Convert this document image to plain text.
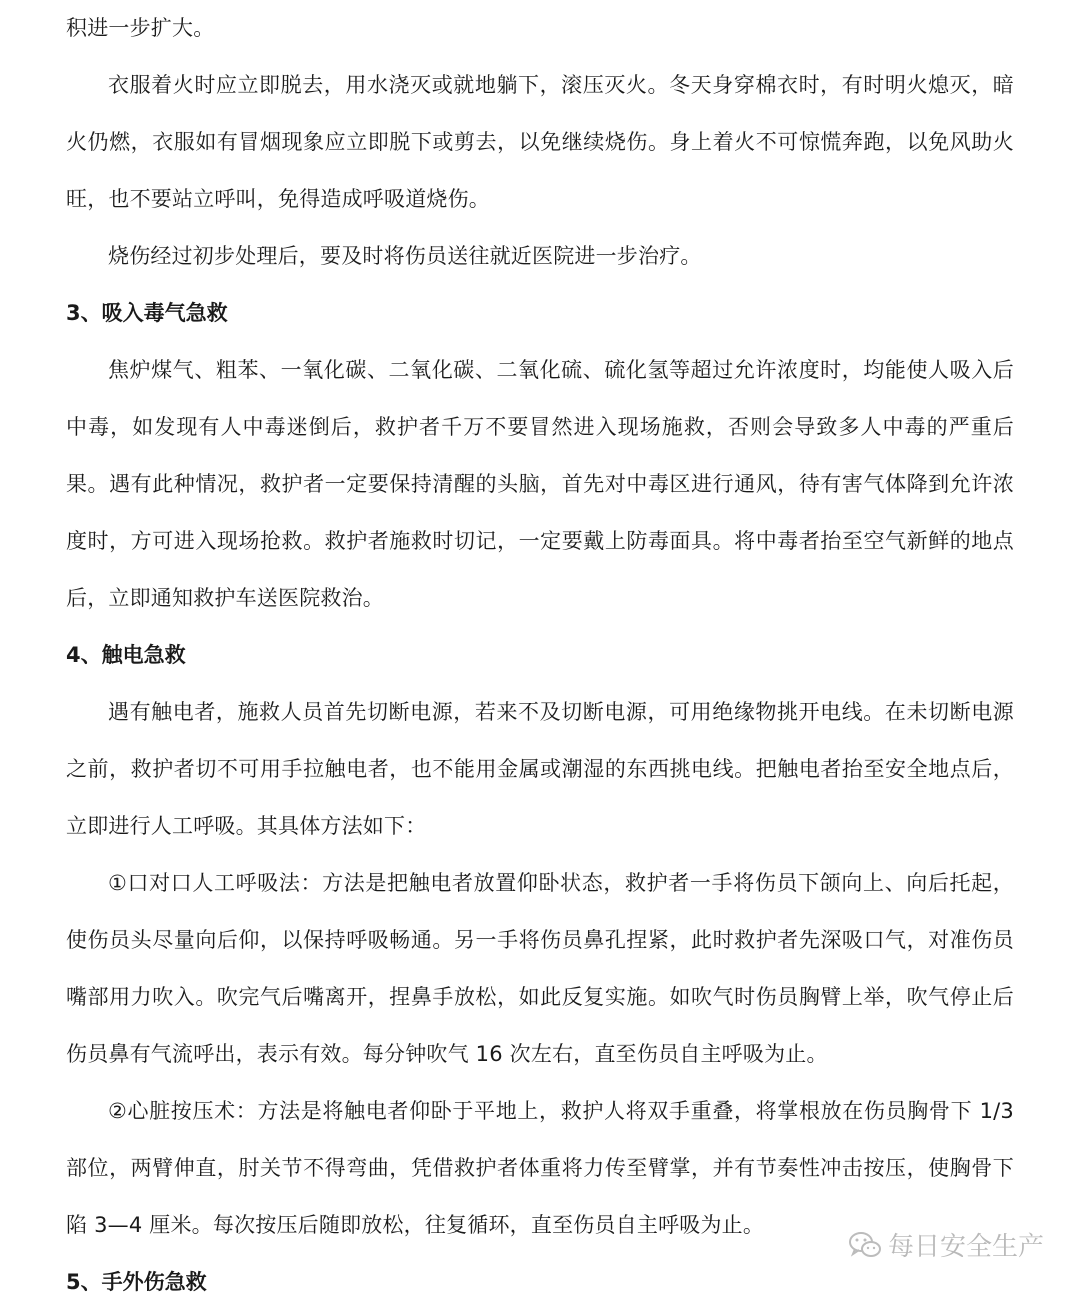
积进一步扩大。

衣服着火时应立即脱去，用水浇灭或就地躺下，滚压灭火。冬天身穿棉衣时，有时明火熄灭，暗火仍燃，衣服如有冒烟现象应立即脱下或剪去，以免继续烧伤。身上着火不可惊慌奔跑，以免风助火旺，也不要站立呼叫，免得造成呼吸道烧伤。

烧伤经过初步处理后，要及时将伤员送往就近医院进一步治疗。

3、吸入毒气急救

焦炉煤气、粗苯、一氧化碳、二氧化碳、二氧化硫、硫化氢等超过允许浓度时，均能使人吸入后中毒，如发现有人中毒迷倒后，救护者千万不要冒然进入现场施救，否则会导致多人中毒的严重后果。遇有此种情况，救护者一定要保持清醒的头脑，首先对中毒区进行通风，待有害气体降到允许浓度时，方可进入现场抢救。救护者施救时切记，一定要戴上防毒面具。将中毒者抬至空气新鲜的地点后，立即通知救护车送医院救治。

4、触电急救

遇有触电者，施救人员首先切断电源，若来不及切断电源，可用绝缘物挑开电线。在未切断电源之前，救护者切不可用手拉触电者，也不能用金属或潮湿的东西挑电线。把触电者抬至安全地点后，立即进行人工呼吸。其具体方法如下：

①口对口人工呼吸法：方法是把触电者放置仰卧状态，救护者一手将伤员下颌向上、向后托起，使伤员头尽量向后仰，以保持呼吸畅通。另一手将伤员鼻孔捏紧，此时救护者先深吸口气，对准伤员嘴部用力吹入。吹完气后嘴离开，捏鼻手放松，如此反复实施。如吹气时伤员胸臂上举，吹气停止后伤员鼻有气流呼出，表示有效。每分钟吹气 16 次左右，直至伤员自主呼吸为止。

②心脏按压术：方法是将触电者仰卧于平地上，救护人将双手重叠，将掌根放在伤员胸骨下 1/3 部位，两臂伸直，肘关节不得弯曲，凭借救护者体重将力传至臂掌，并有节奏性冲击按压，使胸骨下陷 3—4 厘米。每次按压后随即放松，往复循环，直至伤员自主呼吸为止。

5、手外伤急救
每日安全生产
